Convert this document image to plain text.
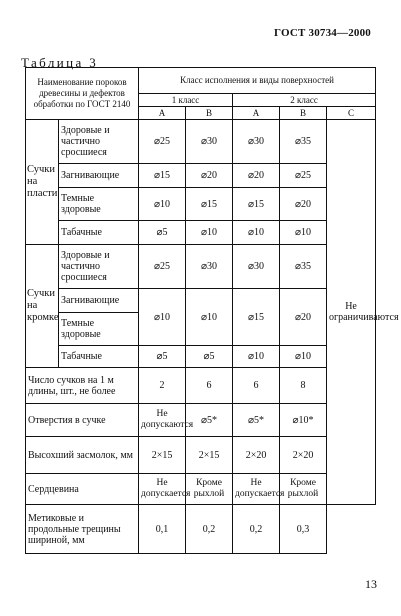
ГОСТ 30734—2000
Таблица 3
Наименование пороков древесины и дефектов обработки по ГОСТ 2140		Класс исполнения и виды поверхностей				
		1 класс		2 класс		
		А	В	А	В	С
Сучки на пласти	Здоровые и частично сросшиеся	⌀25	⌀30	⌀30	⌀35	Не ограничиваются
	Загнивающие	⌀15	⌀20	⌀20	⌀25	
	Темные здоровые	⌀10	⌀15	⌀15	⌀20	
	Табачные	⌀5	⌀10	⌀10	⌀10	
Сучки на кромке	Здоровые и частично сросшиеся	⌀25	⌀30	⌀30	⌀35	
	Загнивающие	⌀10	⌀10	⌀15	⌀20	
	Темные здоровые					
	Табачные	⌀5	⌀5	⌀10	⌀10	
Число сучков на 1 м длины, шт., не более		2	6	6	8	
Отверстия в сучке		Не допускаются	⌀5*	⌀5*	⌀10*	
Высохший засмолок, мм		2×15	2×15	2×20	2×20	
Сердцевина		Не допускается	Кроме рыхлой	Не допускается	Кроме рыхлой	
Метиковые и продольные трещины шириной, мм		0,1	0,2	0,2	0,3	
13
